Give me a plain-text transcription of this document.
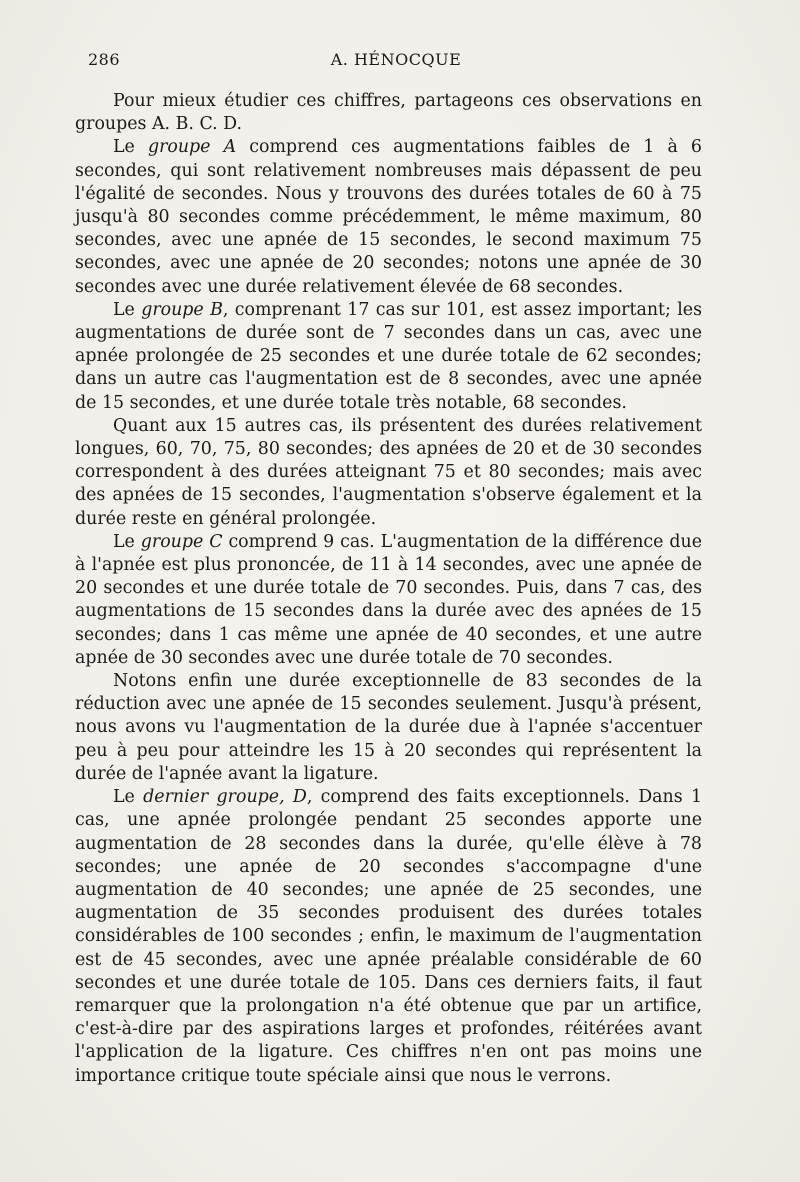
286	A. HÉNOCQUE

Pour mieux étudier ces chiffres, partageons ces observations en groupes A. B. C. D.

Le groupe A comprend ces augmentations faibles de 1 à 6 secondes, qui sont relativement nombreuses mais dépassent de peu l'égalité de secondes. Nous y trouvons des durées totales de 60 à 75 jusqu'à 80 secondes comme précédemment, le même maximum, 80 secondes, avec une apnée de 15 secondes, le second maximum 75 secondes, avec une apnée de 20 secondes; notons une apnée de 30 secondes avec une durée relativement élevée de 68 secondes.

Le groupe B, comprenant 17 cas sur 101, est assez important; les augmentations de durée sont de 7 secondes dans un cas, avec une apnée prolongée de 25 secondes et une durée totale de 62 secondes; dans un autre cas l'augmentation est de 8 secondes, avec une apnée de 15 secondes, et une durée totale très notable, 68 secondes.

Quant aux 15 autres cas, ils présentent des durées relativement longues, 60, 70, 75, 80 secondes; des apnées de 20 et de 30 secondes correspondent à des durées atteignant 75 et 80 secondes; mais avec des apnées de 15 secondes, l'augmentation s'observe également et la durée reste en général prolongée.

Le groupe C comprend 9 cas. L'augmentation de la différence due à l'apnée est plus prononcée, de 11 à 14 secondes, avec une apnée de 20 secondes et une durée totale de 70 secondes. Puis, dans 7 cas, des augmentations de 15 secondes dans la durée avec des apnées de 15 secondes; dans 1 cas même une apnée de 40 secondes, et une autre apnée de 30 secondes avec une durée totale de 70 secondes.

Notons enfin une durée exceptionnelle de 83 secondes de la réduction avec une apnée de 15 secondes seulement. Jusqu'à présent, nous avons vu l'augmentation de la durée due à l'apnée s'accentuer peu à peu pour atteindre les 15 à 20 secondes qui représentent la durée de l'apnée avant la ligature.

Le dernier groupe, D, comprend des faits exceptionnels. Dans 1 cas, une apnée prolongée pendant 25 secondes apporte une augmentation de 28 secondes dans la durée, qu'elle élève à 78 secondes; une apnée de 20 secondes s'accompagne d'une augmentation de 40 secondes; une apnée de 25 secondes, une augmentation de 35 secondes produisent des durées totales considérables de 100 secondes ; enfin, le maximum de l'augmentation est de 45 secondes, avec une apnée préalable considérable de 60 secondes et une durée totale de 105. Dans ces derniers faits, il faut remarquer que la prolongation n'a été obtenue que par un artifice, c'est-à-dire par des aspirations larges et profondes, réitérées avant l'application de la ligature. Ces chiffres n'en ont pas moins une importance critique toute spéciale ainsi que nous le verrons.
